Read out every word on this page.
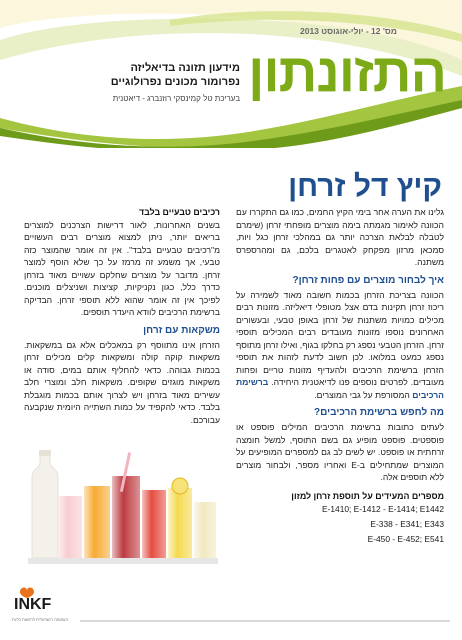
מס' 12 - יולי-אוגוסט 2013
התזונתון
מידעון תזונה בדיאליזה
נפרומור מכונים נפרולוגיים
בעריכת טל קמינסקי רוזנברג - דיאטנית
קיץ דל זרחן

גלינו את הערה אחר בימי הקיץ החמים, כמו גם התקררו עם הכוונה לאימור מגמתה בימה מוצרים מופחתי זרחן (שימרם לטבלה לבלאת הצרכה יותר גם במהלכי זרחן כגל ויות, סמכאן מרזון מפקחק לאטגרים בלכם, גם ומהרספרס משתנה.

איך לבחור מוצרים עם פחות זרחן?

הכוונה בצריכת הזרחן בכמות חשובה מאוד לשמירה על ריכוז זרחן תקינות בדם אצל מטופלי דיאליזה. מזונות רבים מכילים כמויות משתנות של זרחן באופן טבעי, ובעשורים האחרונים נוספו מזונות מעובדים רבים המכילים תוספי זרחן. הזרחן הטבעי נספג רק בחלקו בגוף, ואילו זרחן מתוסף נספג כמעט במלואו. לכן חשוב לדעת לזהות את תוספי הזרחן ברשימת הרכיבים ולהעדיף מזונות טריים ופחות מעובדים. לפרטים נוספים פנו לדיאטנית היחידה. ברשימת הרכיבים המסורפת על גבי המוצרים.

מה לחפש ברשימת הרכיבים?

לעתים כתובות ברשימת הרכיבים המילים פוספט או פוספטים. פוספט מופיע גם בשם התוסף, למשל חומצה זרחתית או פוספט. יש לשים לב גם למספרים המופיעים על המוצרים שמתחילים ב-E ואחריו מספר, ולבחור מוצרים ללא תוספים אלה.

מספרים המעידים על תוספת זרחן למזון
E-1410; E-1412 - E-1414; E1442
E-338 - E341; E343
E-450 - E-452; E541
רכיבים טבעיים בלבד

בשנים האחרונות, לאור דרישות הצרכנים למוצרים בריאים יותר, ניתן למצוא מוצרים רבים העשויים מ"רכיבים טבעיים בלבד". אין זה אומר שהמוצר כזה טבעי, אך משמע זה מרמז על כך שלא הוסף למוצר זרחן. מדובר על מוצרים שחלקם עשויים מאוד בזרחן כדרך כלל, כגון נקניקיות, קציצות ושניצלים מוכנים. לפיכך אין זה אומר שהוא ללא תוספי זרחן. הבדיקה ברשימת הרכיבים לוודא היעדר תוספים.

משקאות עם זרחן

הזרחן אינו מתווסף רק במאכלים אלא גם במשקאות. משקאות קוקה קולה ומשקאות קלים מכילים זרחן בכמות גבוהה. כדאי להחליף אותם במים, סודה או משקאות מוגזים שקופים. משקאות חלב ומוצרי חלב עשירים מאוד בזרחן ויש לצרוך אותם בכמות מוגבלת בלבד. כדאי להקפיד על כמות השתייה היומית שנקבעה עבורכם.

INKF
העמותה הישראלית לרפואת כליות
